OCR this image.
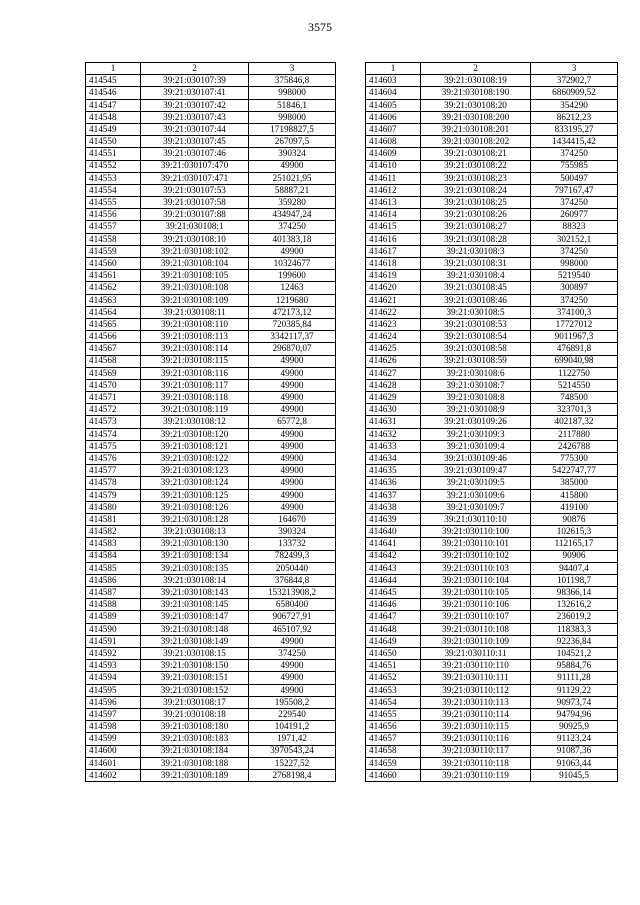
3575
1	2	3
414545	39:21:030107:39	375846,8
414546	39:21:030107:41	998000
414547	39:21:030107:42	51846,1
414548	39:21:030107:43	998000
414549	39:21:030107:44	17198827,5
414550	39:21:030107:45	267097,5
414551	39:21:030107:46	390324
414552	39:21:030107:470	49900
414553	39:21:030107:471	251021,95
414554	39:21:030107:53	58887,21
414555	39:21:030107:58	359280
414556	39:21:030107:88	434947,24
414557	39:21:030108:1	374250
414558	39:21:030108:10	401383,18
414559	39:21:030108:102	49900
414560	39:21:030108:104	10324677
414561	39:21:030108:105	199600
414562	39:21:030108:108	12463
414563	39:21:030108:109	1219680
414564	39:21:030108:11	472173,12
414565	39:21:030108:110	720385,84
414566	39:21:030108:113	3342117,37
414567	39:21:030108:114	296870,07
414568	39:21:030108:115	49900
414569	39:21:030108:116	49900
414570	39:21:030108:117	49900
414571	39:21:030108:118	49900
414572	39:21:030108:119	49900
414573	39:21:030108:12	65772,8
414574	39:21:030108:120	49900
414575	39:21:030108:121	49900
414576	39:21:030108:122	49900
414577	39:21:030108:123	49900
414578	39:21:030108:124	49900
414579	39:21:030108:125	49900
414580	39:21:030108:126	49900
414581	39:21:030108:128	164670
414582	39:21:030108:13	390324
414583	39:21:030108:130	133732
414584	39:21:030108:134	782499,3
414585	39:21:030108:135	2050440
414586	39:21:030108:14	376844,8
414587	39:21:030108:143	153213908,2
414588	39:21:030108:145	6580400
414589	39:21:030108:147	906727,91
414590	39:21:030108:148	465107,92
414591	39:21:030108:149	49900
414592	39:21:030108:15	374250
414593	39:21:030108:150	49900
414594	39:21:030108:151	49900
414595	39:21:030108:152	49900
414596	39:21:030108:17	195508,2
414597	39:21:030108:18	229540
414598	39:21:030108:180	104191,2
414599	39:21:030108:183	1971,42
414600	39:21:030108:184	3970543,24
414601	39:21:030108:188	15227,52
414602	39:21:030108:189	2768198,4
1	2	3
414603	39:21:030108:19	372902,7
414604	39:21:030108:190	6860909,52
414605	39:21:030108:20	354290
414606	39:21:030108:200	86212,23
414607	39:21:030108:201	833195,27
414608	39:21:030108:202	1434415,42
414609	39:21:030108:21	374250
414610	39:21:030108:22	755985
414611	39:21:030108:23	500497
414612	39:21:030108:24	797167,47
414613	39:21:030108:25	374250
414614	39:21:030108:26	260977
414615	39:21:030108:27	88323
414616	39:21:030108:28	302152,1
414617	39:21:030108:3	374250
414618	39:21:030108:31	998000
414619	39:21:030108:4	5219540
414620	39:21:030108:45	300897
414621	39:21:030108:46	374250
414622	39:21:030108:5	374100,3
414623	39:21:030108:53	17727012
414624	39:21:030108:54	9011967,3
414625	39:21:030108:58	476891,8
414626	39:21:030108:59	699040,98
414627	39:21:030108:6	1122750
414628	39:21:030108:7	5214550
414629	39:21:030108:8	748500
414630	39:21:030108:9	323701,3
414631	39:21:030109:26	402187,32
414632	39:21:030109:3	2117880
414633	39:21:030109:4	2426788
414634	39:21:030109:46	775300
414635	39:21:030109:47	5422747,77
414636	39:21:030109:5	385000
414637	39:21:030109:6	415800
414638	39:21:030109:7	419100
414639	39:21:030110:10	90876
414640	39:21:030110:100	102615,3
414641	39:21:030110:101	112165,17
414642	39:21:030110:102	90906
414643	39:21:030110:103	94407,4
414644	39:21:030110:104	101198,7
414645	39:21:030110:105	98366,14
414646	39:21:030110:106	132616,2
414647	39:21:030110:107	236019,2
414648	39:21:030110:108	118383,3
414649	39:21:030110:109	92236,84
414650	39:21:030110:11	104521,2
414651	39:21:030110:110	95884,76
414652	39:21:030110:111	91111,28
414653	39:21:030110:112	91129,22
414654	39:21:030110:113	90973,74
414655	39:21:030110:114	94794,96
414656	39:21:030110:115	90925,9
414657	39:21:030110:116	91123,24
414658	39:21:030110:117	91087,36
414659	39:21:030110:118	91063,44
414660	39:21:030110:119	91045,5
